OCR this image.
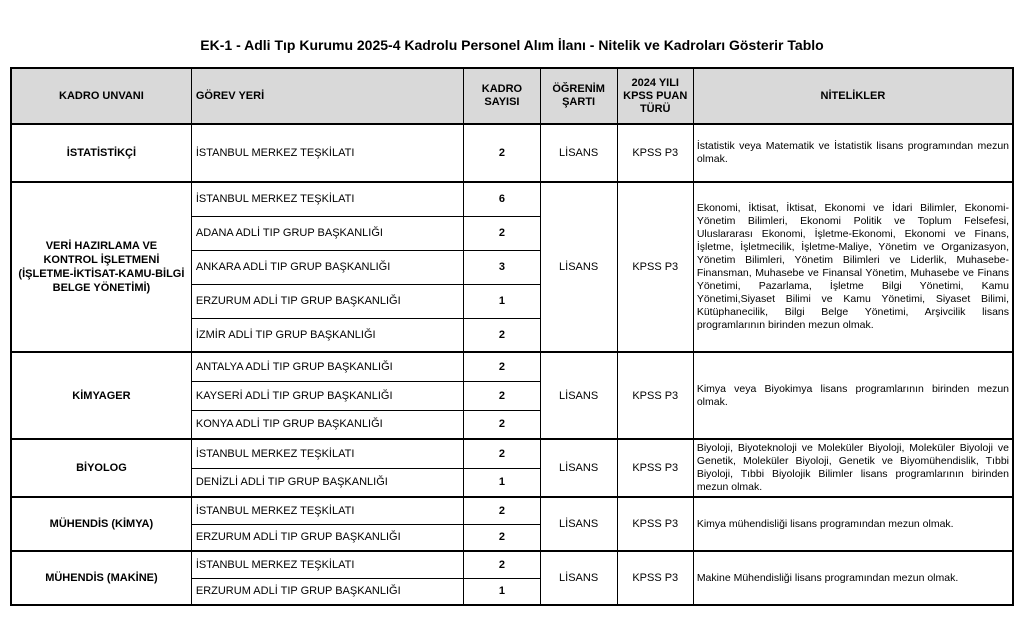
EK-1 - Adli Tıp Kurumu 2025-4 Kadrolu Personel Alım İlanı - Nitelik ve Kadroları Gösterir Tablo
KADRO UNVANI	GÖREV YERİ	KADRO SAYISI	ÖĞRENİM ŞARTI	2024 YILI KPSS PUAN TÜRÜ	NİTELİKLER
İSTATİSTİKÇİ	İSTANBUL MERKEZ TEŞKİLATI	2	LİSANS	KPSS P3	İstatistik veya Matematik ve İstatistik lisans programından mezun olmak.
VERİ HAZIRLAMA VE KONTROL İŞLETMENİ (İŞLETME-İKTİSAT-KAMU-BİLGİ BELGE YÖNETİMİ)	İSTANBUL MERKEZ TEŞKİLATI	6	LİSANS	KPSS P3	Ekonomi, İktisat, İktisat, Ekonomi ve İdari Bilimler, Ekonomi-Yönetim Bilimleri, Ekonomi Politik ve Toplum Felsefesi, Uluslararası Ekonomi, İşletme-Ekonomi, Ekonomi ve Finans, İşletme, İşletmecilik, İşletme-Maliye, Yönetim ve Organizasyon, Yönetim Bilimleri, Yönetim Bilimleri ve Liderlik, Muhasebe-Finansman, Muhasebe ve Finansal Yönetim, Muhasebe ve Finans Yönetimi, Pazarlama, İşletme Bilgi Yönetimi, Kamu Yönetimi,Siyaset Bilimi ve Kamu Yönetimi, Siyaset Bilimi, Kütüphanecilik, Bilgi Belge Yönetimi, Arşivcilik lisans programlarının birinden mezun olmak.
	ADANA ADLİ TIP GRUP BAŞKANLIĞI	2			
	ANKARA ADLİ TIP GRUP BAŞKANLIĞI	3			
	ERZURUM ADLİ TIP GRUP BAŞKANLIĞI	1			
	İZMİR ADLİ TIP GRUP BAŞKANLIĞI	2			
KİMYAGER	ANTALYA ADLİ TIP GRUP BAŞKANLIĞI	2	LİSANS	KPSS P3	Kimya veya Biyokimya lisans programlarının birinden mezun olmak.
	KAYSERİ ADLİ TIP GRUP BAŞKANLIĞI	2			
	KONYA ADLİ TIP GRUP BAŞKANLIĞI	2			
BİYOLOG	İSTANBUL MERKEZ TEŞKİLATI	2	LİSANS	KPSS P3	Biyoloji, Biyoteknoloji ve Moleküler Biyoloji, Moleküler Biyoloji ve Genetik, Moleküler Biyoloji, Genetik ve Biyomühendislik, Tıbbi Biyoloji, Tıbbi Biyolojik Bilimler lisans programlarının birinden mezun olmak.
	DENİZLİ ADLİ TIP GRUP BAŞKANLIĞI	1			
MÜHENDİS (KİMYA)	İSTANBUL MERKEZ TEŞKİLATI	2	LİSANS	KPSS P3	Kimya mühendisliği lisans programından mezun olmak.
	ERZURUM ADLİ TIP GRUP BAŞKANLIĞI	2			
MÜHENDİS (MAKİNE)	İSTANBUL MERKEZ TEŞKİLATI	2	LİSANS	KPSS P3	Makine Mühendisliği lisans programından mezun olmak.
	ERZURUM ADLİ TIP GRUP BAŞKANLIĞI	1			
